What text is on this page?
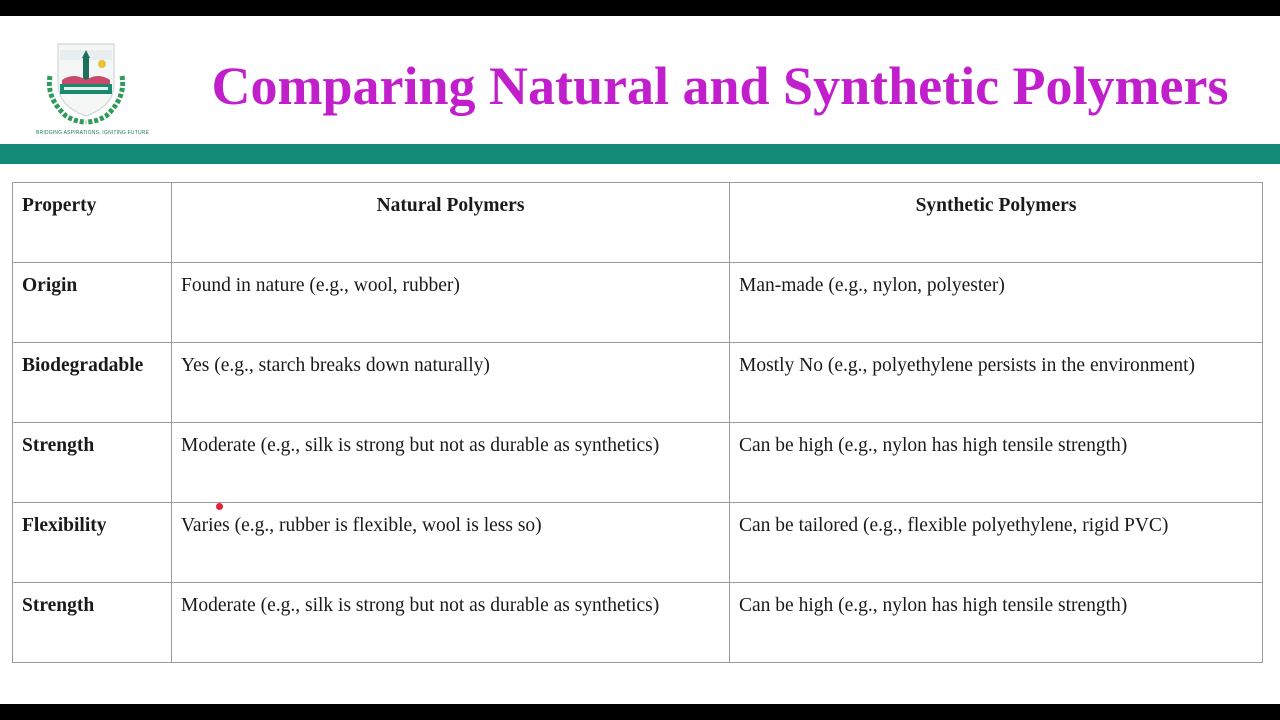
BRIDGING ASPIRATIONS, IGNITING FUTURE
Comparing Natural and Synthetic Polymers
Property	Natural Polymers	Synthetic Polymers
Origin	Found in nature (e.g., wool, rubber)	Man-made (e.g., nylon, polyester)
Biodegradable	Yes (e.g., starch breaks down naturally)	Mostly No (e.g., polyethylene persists in the environment)
Strength	Moderate (e.g., silk is strong but not as durable as synthetics)	Can be high (e.g., nylon has high tensile strength)
Flexibility	Varies (e.g., rubber is flexible, wool is less so)	Can be tailored (e.g., flexible polyethylene, rigid PVC)
Strength	Moderate (e.g., silk is strong but not as durable as synthetics)	Can be high (e.g., nylon has high tensile strength)
